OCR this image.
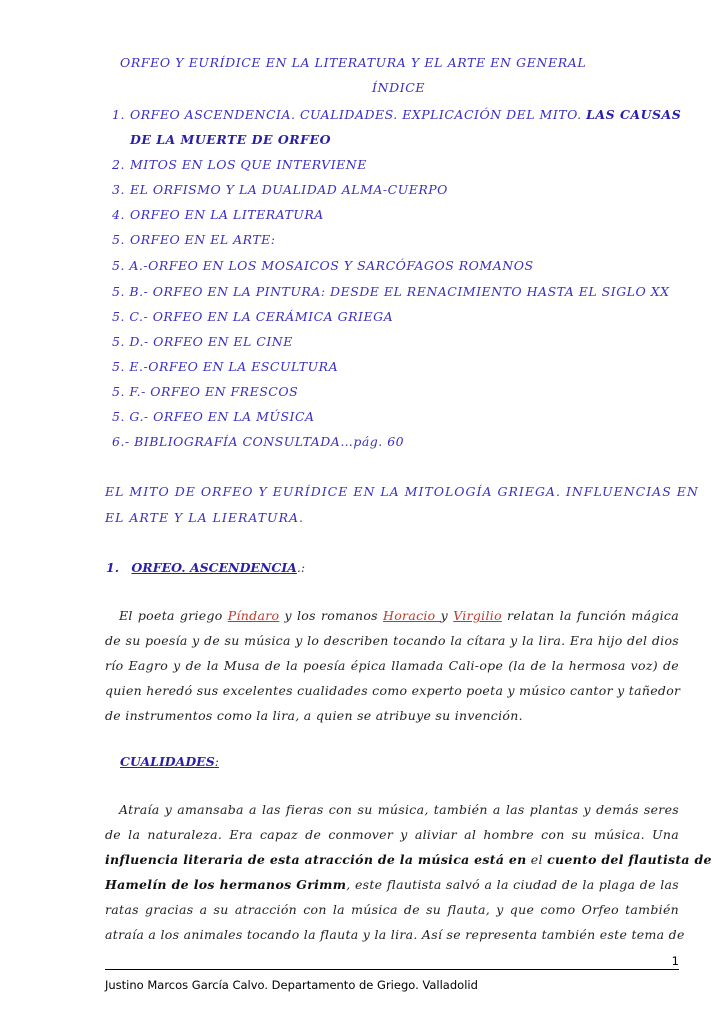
ORFEO Y EURÍDICE EN LA LITERATURA Y EL ARTE EN GENERAL
ÍNDICE
1. ORFEO ASCENDENCIA. CUALIDADES. EXPLICACIÓN DEL MITO. LAS CAUSAS
DE LA MUERTE DE ORFEO
2. MITOS EN LOS QUE INTERVIENE
3. EL ORFISMO Y LA DUALIDAD ALMA-CUERPO
4. ORFEO EN LA LITERATURA
5. ORFEO EN EL ARTE:
5. A.-ORFEO EN LOS MOSAICOS Y SARCÓFAGOS ROMANOS
5. B.- ORFEO EN LA PINTURA: DESDE EL RENACIMIENTO HASTA EL SIGLO XX
5. C.- ORFEO EN LA CERÁMICA GRIEGA
5. D.- ORFEO EN EL CINE
5. E.-ORFEO EN LA ESCULTURA
5. F.- ORFEO EN FRESCOS
5. G.- ORFEO EN LA MÚSICA
6.- BIBLIOGRAFÍA CONSULTADA…pág. 60
EL MITO DE ORFEO Y EURÍDICE EN LA MITOLOGÍA GRIEGA. INFLUENCIAS EN
EL ARTE Y LA LIERATURA.
1. ORFEO. ASCENDENCIA.:
El poeta griego Píndaro y los romanos Horacio y Virgilio relatan la función mágica
de su poesía y de su música y lo describen tocando la cítara y la lira. Era hijo del dios
río Eagro y de la Musa de la poesía épica llamada Cali-ope (la de la hermosa voz) de
quien heredó sus excelentes cualidades como experto poeta y músico cantor y tañedor
de instrumentos como la lira, a quien se atribuye su invención.
CUALIDADES:
Atraía y amansaba a las fieras con su música, también a las plantas y demás seres
de la naturaleza. Era capaz de conmover y aliviar al hombre con su música. Una
influencia literaria de esta atracción de la música está en el cuento del flautista de
Hamelín de los hermanos Grimm, este flautista salvó a la ciudad de la plaga de las
ratas gracias a su atracción con la música de su flauta, y que como Orfeo también
atraía a los animales tocando la flauta y la lira. Así se representa también este tema de
1
Justino Marcos García Calvo. Departamento de Griego. Valladolid
